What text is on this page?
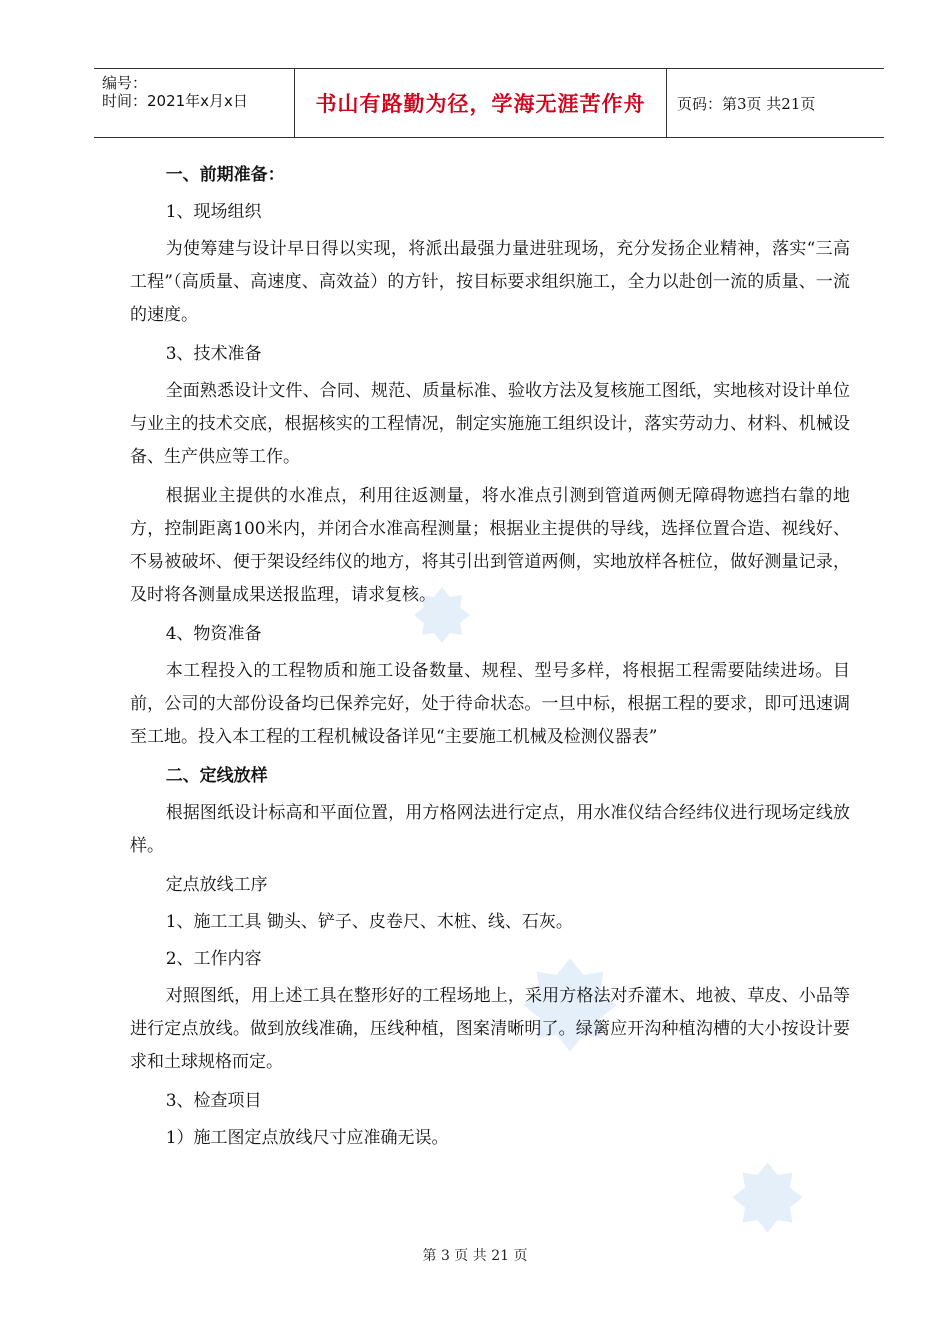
编号：
时间：2021年x月x日	书山有路勤为径，学海无涯苦作舟 页码：第3页 共21页
一、前期准备：
1、现场组织

为使筹建与设计早日得以实现，将派出最强力量进驻现场，充分发扬企业精神，落实“三高工程”（高质量、高速度、高效益）的方针，按目标要求组织施工，全力以赴创一流的质量、一流的速度。

3、技术准备

全面熟悉设计文件、合同、规范、质量标准、验收方法及复核施工图纸，实地核对设计单位与业主的技术交底，根据核实的工程情况，制定实施施工组织设计，落实劳动力、材料、机械设备、生产供应等工作。

根据业主提供的水准点，利用往返测量，将水准点引测到管道两侧无障碍物遮挡右靠的地方，控制距离100米内，并闭合水准高程测量；根据业主提供的导线，选择位置合造、视线好、不易被破坏、便于架设经纬仪的地方，将其引出到管道两侧，实地放样各桩位，做好测量记录，及时将各测量成果送报监理，请求复核。

4、物资准备

本工程投入的工程物质和施工设备数量、规程、型号多样，将根据工程需要陆续进场。目前，公司的大部份设备均已保养完好，处于待命状态。一旦中标，根据工程的要求，即可迅速调至工地。投入本工程的工程机械设备详见“主要施工机械及检测仪器表”

二、定线放样

根据图纸设计标高和平面位置，用方格网法进行定点，用水准仪结合经纬仪进行现场定线放样。

定点放线工序
1、施工工具 锄头、铲子、皮卷尺、木桩、线、石灰。
2、工作内容

对照图纸，用上述工具在整形好的工程场地上，采用方格法对乔灌木、地被、草皮、小品等进行定点放线。做到放线准确，压线种植，图案清晰明了。绿篱应开沟种植沟槽的大小按设计要求和土球规格而定。

3、检查项目
1）施工图定点放线尺寸应准确无误。
第 3 页 共 21 页
